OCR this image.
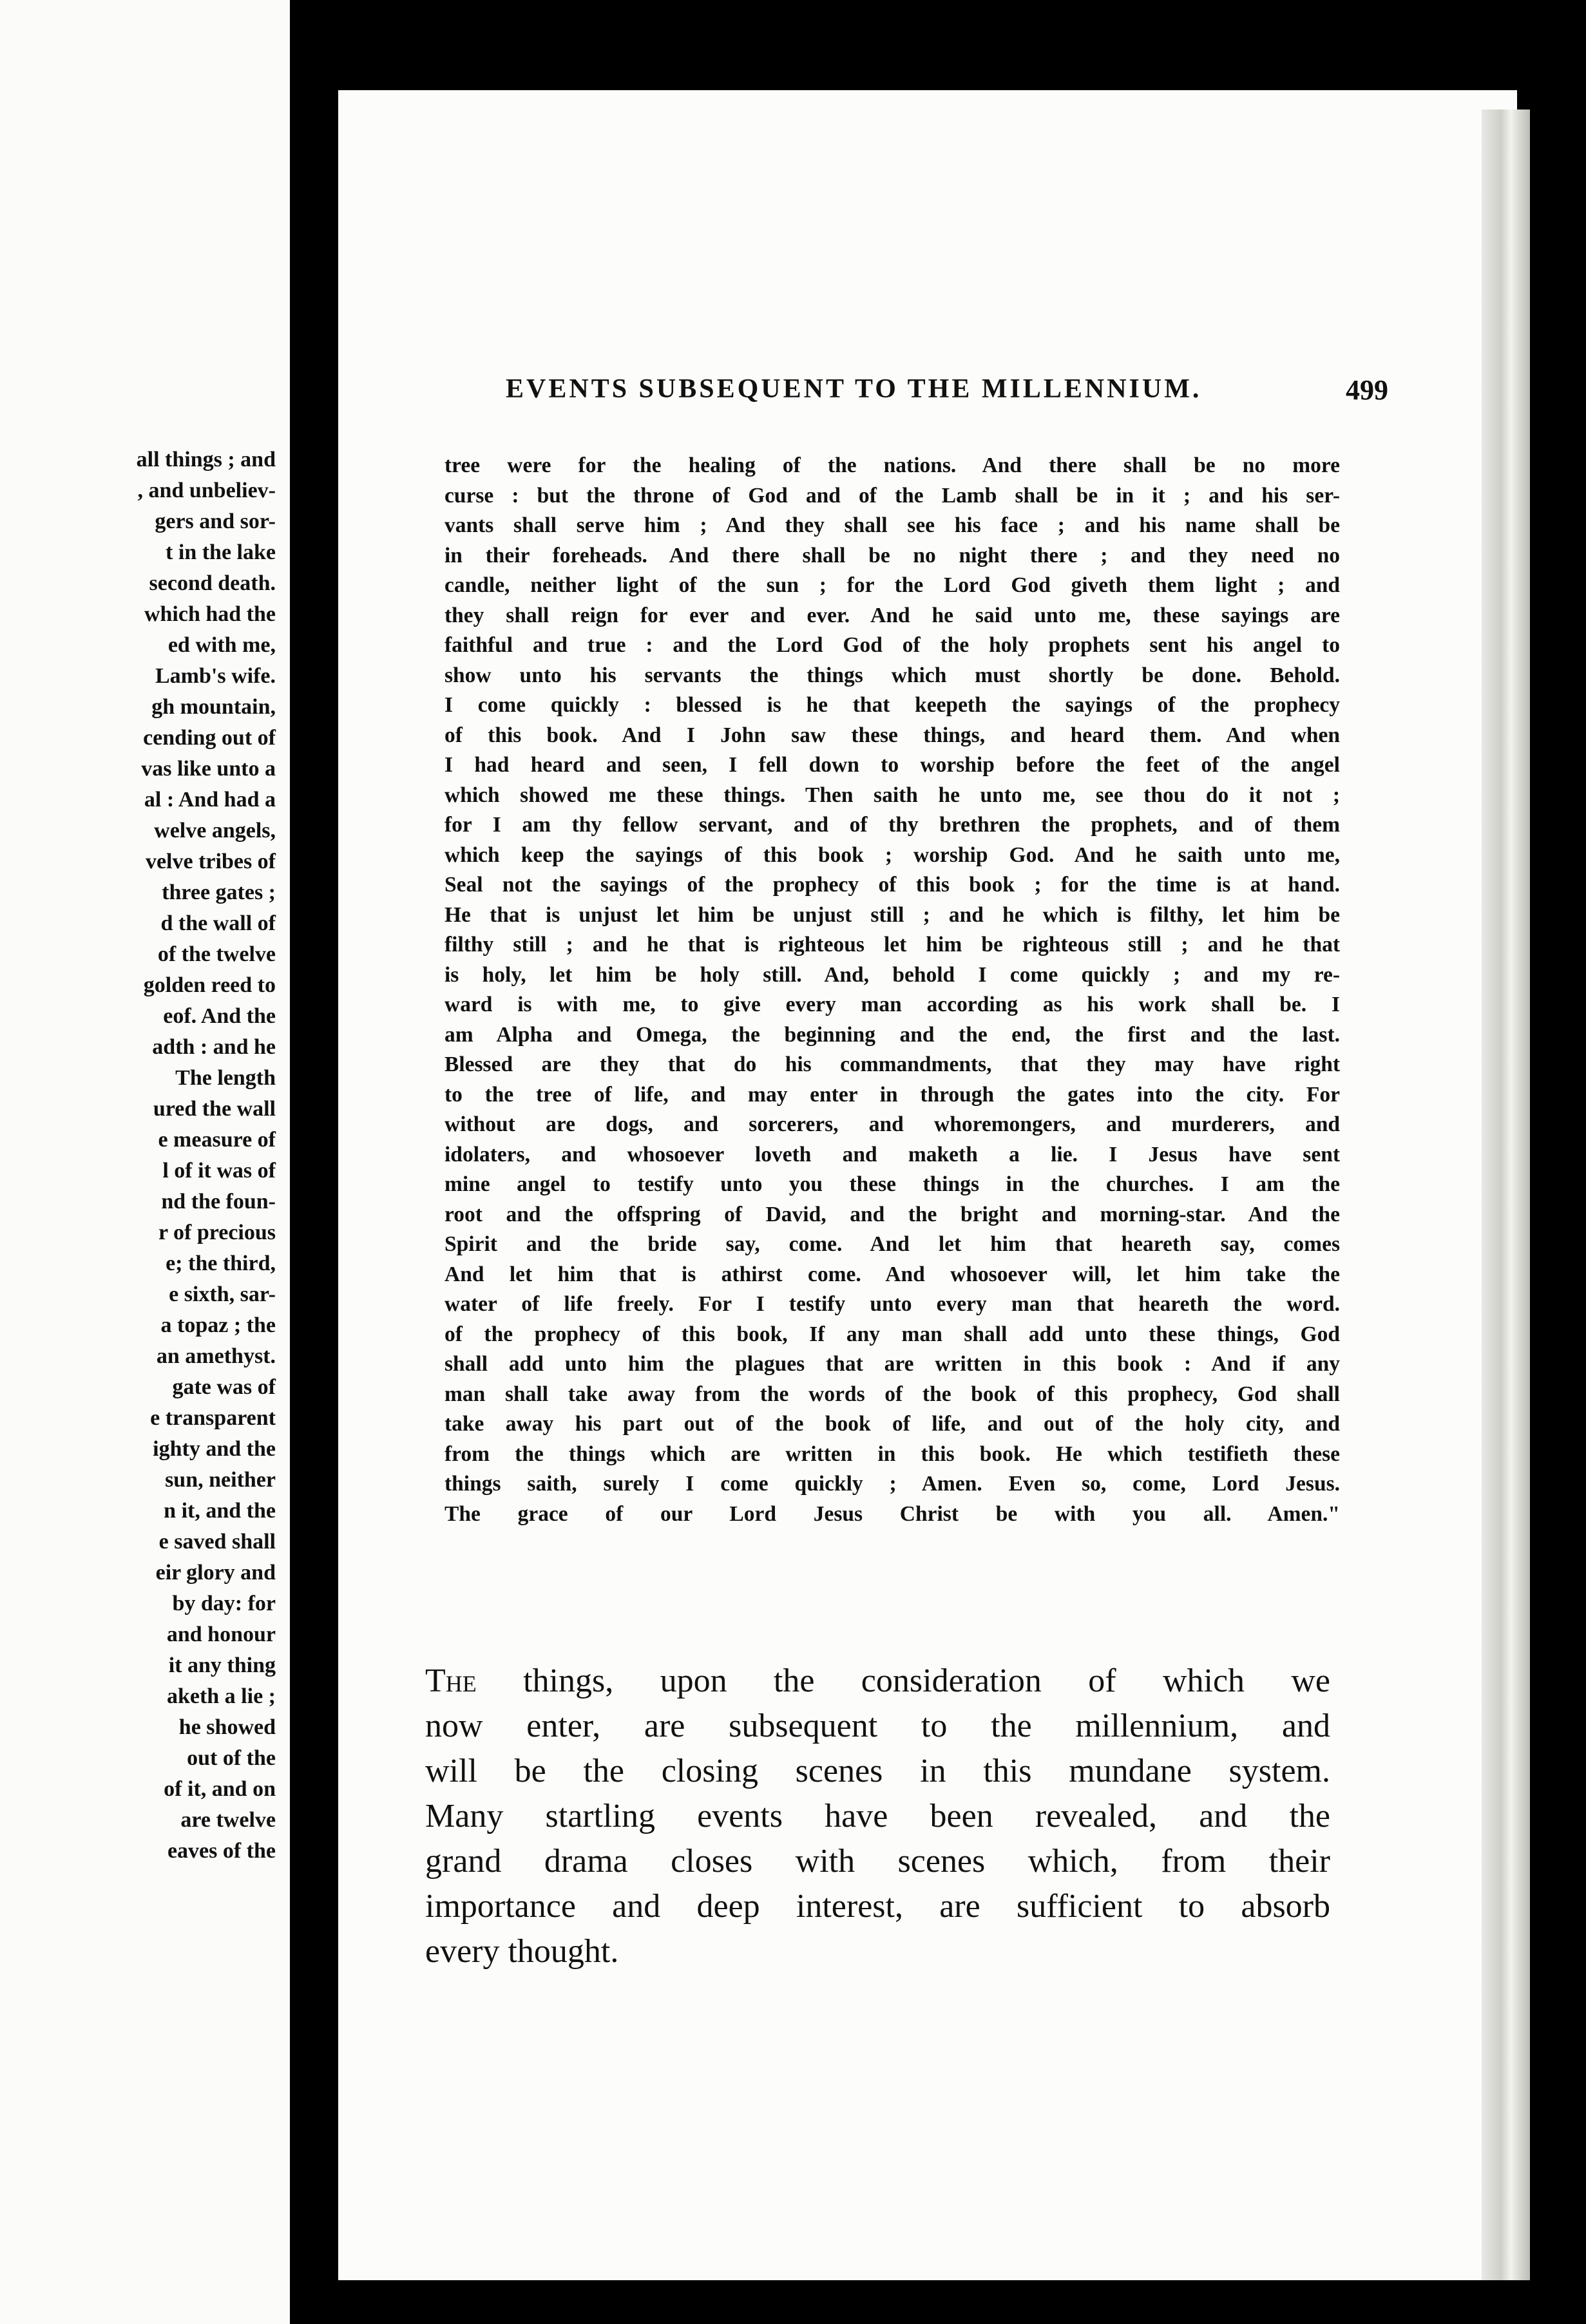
all things ; and
, and unbeliev-
gers and sor-
t in the lake
second death.
which had the
ed with me,
Lamb's wife.
gh mountain,
cending out of
vas like unto a
al : And had a
welve angels,
velve tribes of
three gates ;
d the wall of
of the twelve
golden reed to
eof. And the
adth : and he
The length
ured the wall
e measure of
l of it was of
nd the foun-
r of precious
e; the third,
e sixth, sar-
a topaz ; the
an amethyst.
gate was of
e transparent
ighty and the
sun, neither
n it, and the
e saved shall
eir glory and
by day: for
and honour
it any thing
aketh a lie ;
he showed
out of the
of it, and on
are twelve
eaves of the
EVENTS SUBSEQUENT TO THE MILLENNIUM.	499
tree were for the healing of the nations. And there shall be no more
curse : but the throne of God and of the Lamb shall be in it ; and his ser-
vants shall serve him ; And they shall see his face ; and his name shall be
in their foreheads. And there shall be no night there ; and they need no
candle, neither light of the sun ; for the Lord God giveth them light ; and
they shall reign for ever and ever. And he said unto me, these sayings are
faithful and true : and the Lord God of the holy prophets sent his angel to
show unto his servants the things which must shortly be done. Behold.
I come quickly : blessed is he that keepeth the sayings of the prophecy
of this book. And I John saw these things, and heard them. And when
I had heard and seen, I fell down to worship before the feet of the angel
which showed me these things. Then saith he unto me, see thou do it not ;
for I am thy fellow servant, and of thy brethren the prophets, and of them
which keep the sayings of this book ; worship God. And he saith unto me,
Seal not the sayings of the prophecy of this book ; for the time is at hand.
He that is unjust let him be unjust still ; and he which is filthy, let him be
filthy still ; and he that is righteous let him be righteous still ; and he that
is holy, let him be holy still. And, behold I come quickly ; and my re-
ward is with me, to give every man according as his work shall be. I
am Alpha and Omega, the beginning and the end, the first and the last.
Blessed are they that do his commandments, that they may have right
to the tree of life, and may enter in through the gates into the city. For
without are dogs, and sorcerers, and whoremongers, and murderers, and
idolaters, and whosoever loveth and maketh a lie. I Jesus have sent
mine angel to testify unto you these things in the churches. I am the
root and the offspring of David, and the bright and morning-star. And the
Spirit and the bride say, come. And let him that heareth say, comes
And let him that is athirst come. And whosoever will, let him take the
water of life freely. For I testify unto every man that heareth the word.
of the prophecy of this book, If any man shall add unto these things, God
shall add unto him the plagues that are written in this book : And if any
man shall take away from the words of the book of this prophecy, God shall
take away his part out of the book of life, and out of the holy city, and
from the things which are written in this book. He which testifieth these
things saith, surely I come quickly ; Amen. Even so, come, Lord Jesus.
The grace of our Lord Jesus Christ be with you all. Amen."
The things, upon the consideration of which we
now enter, are subsequent to the millennium, and
will be the closing scenes in this mundane system.
Many startling events have been revealed, and the
grand drama closes with scenes which, from their
importance and deep interest, are sufficient to absorb
every thought.
